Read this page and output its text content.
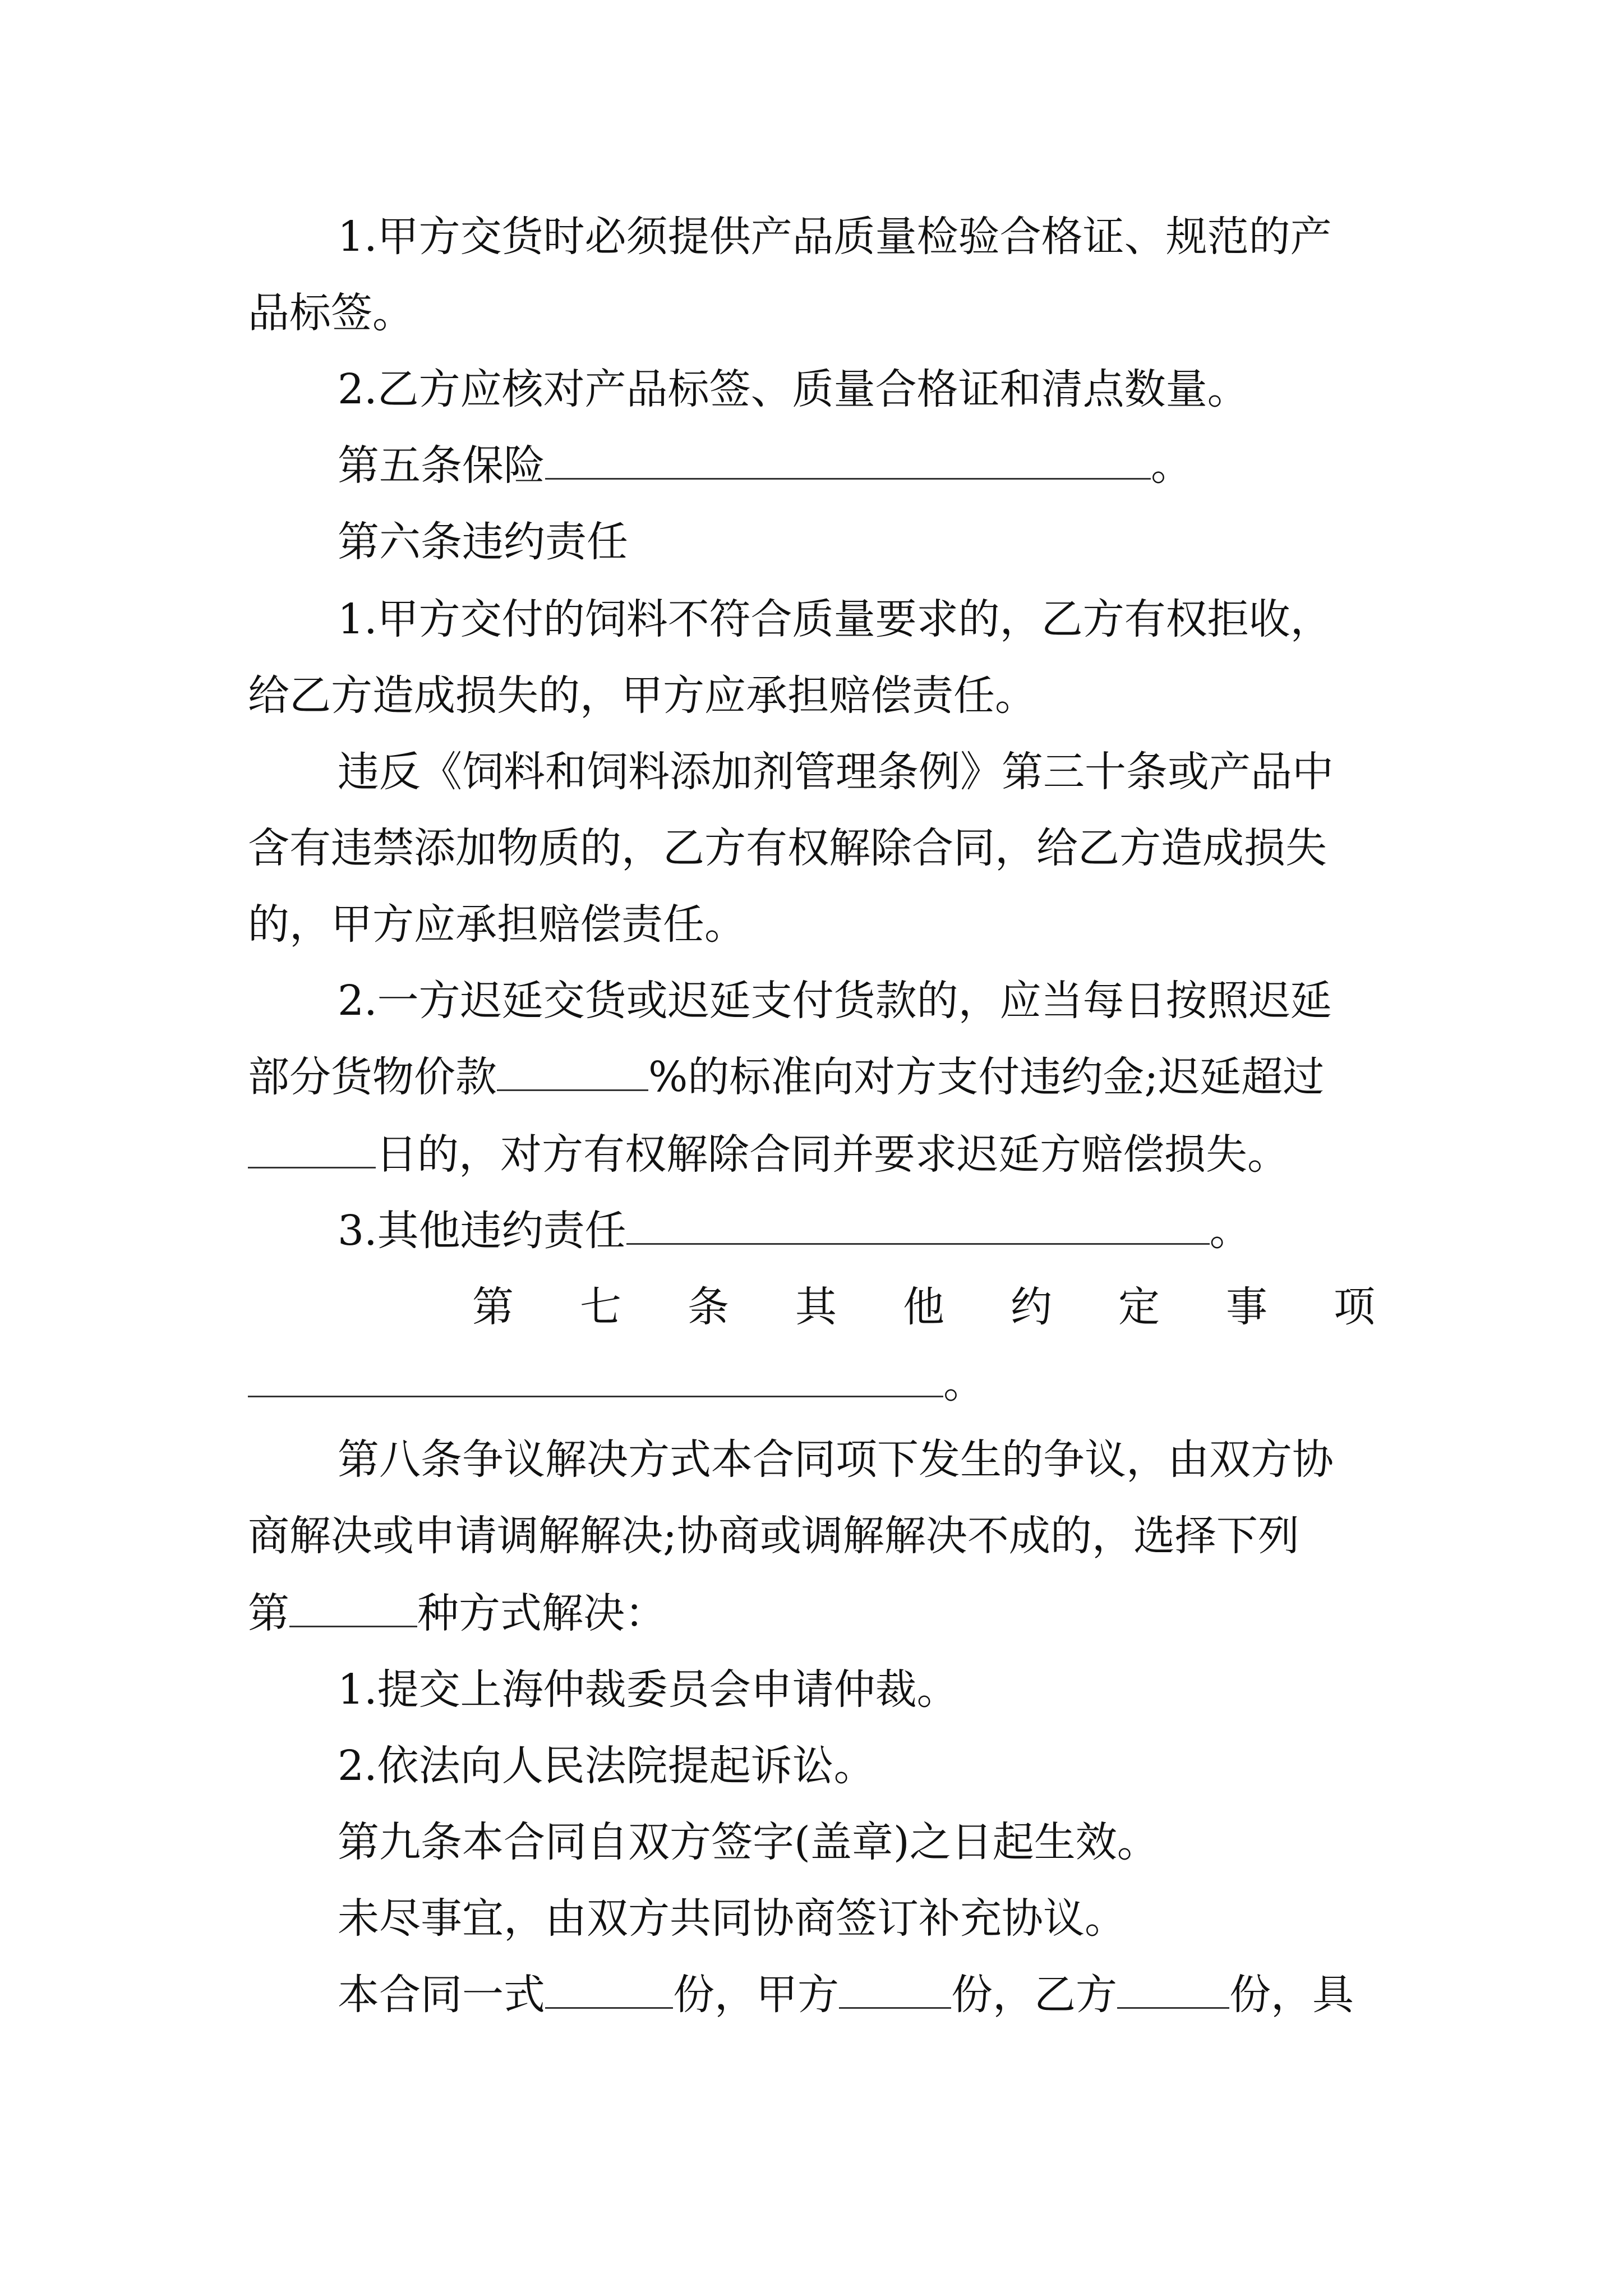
1.甲方交货时必须提供产品质量检验合格证、规范的产
品标签。
2.乙方应核对产品标签、质量合格证和清点数量。
第五条保险	。
第六条违约责任
1.甲方交付的饲料不符合质量要求的，乙方有权拒收，
给乙方造成损失的，甲方应承担赔偿责任。
违反《饲料和饲料添加剂管理条例》第三十条或产品中
含有违禁添加物质的，乙方有权解除合同，给乙方造成损失
的，甲方应承担赔偿责任。
2.一方迟延交货或迟延支付货款的，应当每日按照迟延
部分货物价款	%的标准向对方支付违约金;迟延超过
日的，对方有权解除合同并要求迟延方赔偿损失。
3.其他违约责任	。
第 七 条 其 他 约 定 事 项
。
第八条争议解决方式本合同项下发生的争议，由双方协
商解决或申请调解解决;协商或调解解决不成的，选择下列
第	种方式解决：
1.提交上海仲裁委员会申请仲裁。
2.依法向人民法院提起诉讼。
第九条本合同自双方签字(盖章)之日起生效。
未尽事宜，由双方共同协商签订补充协议。
本合同一式	份，甲方	份，乙方	份，具
